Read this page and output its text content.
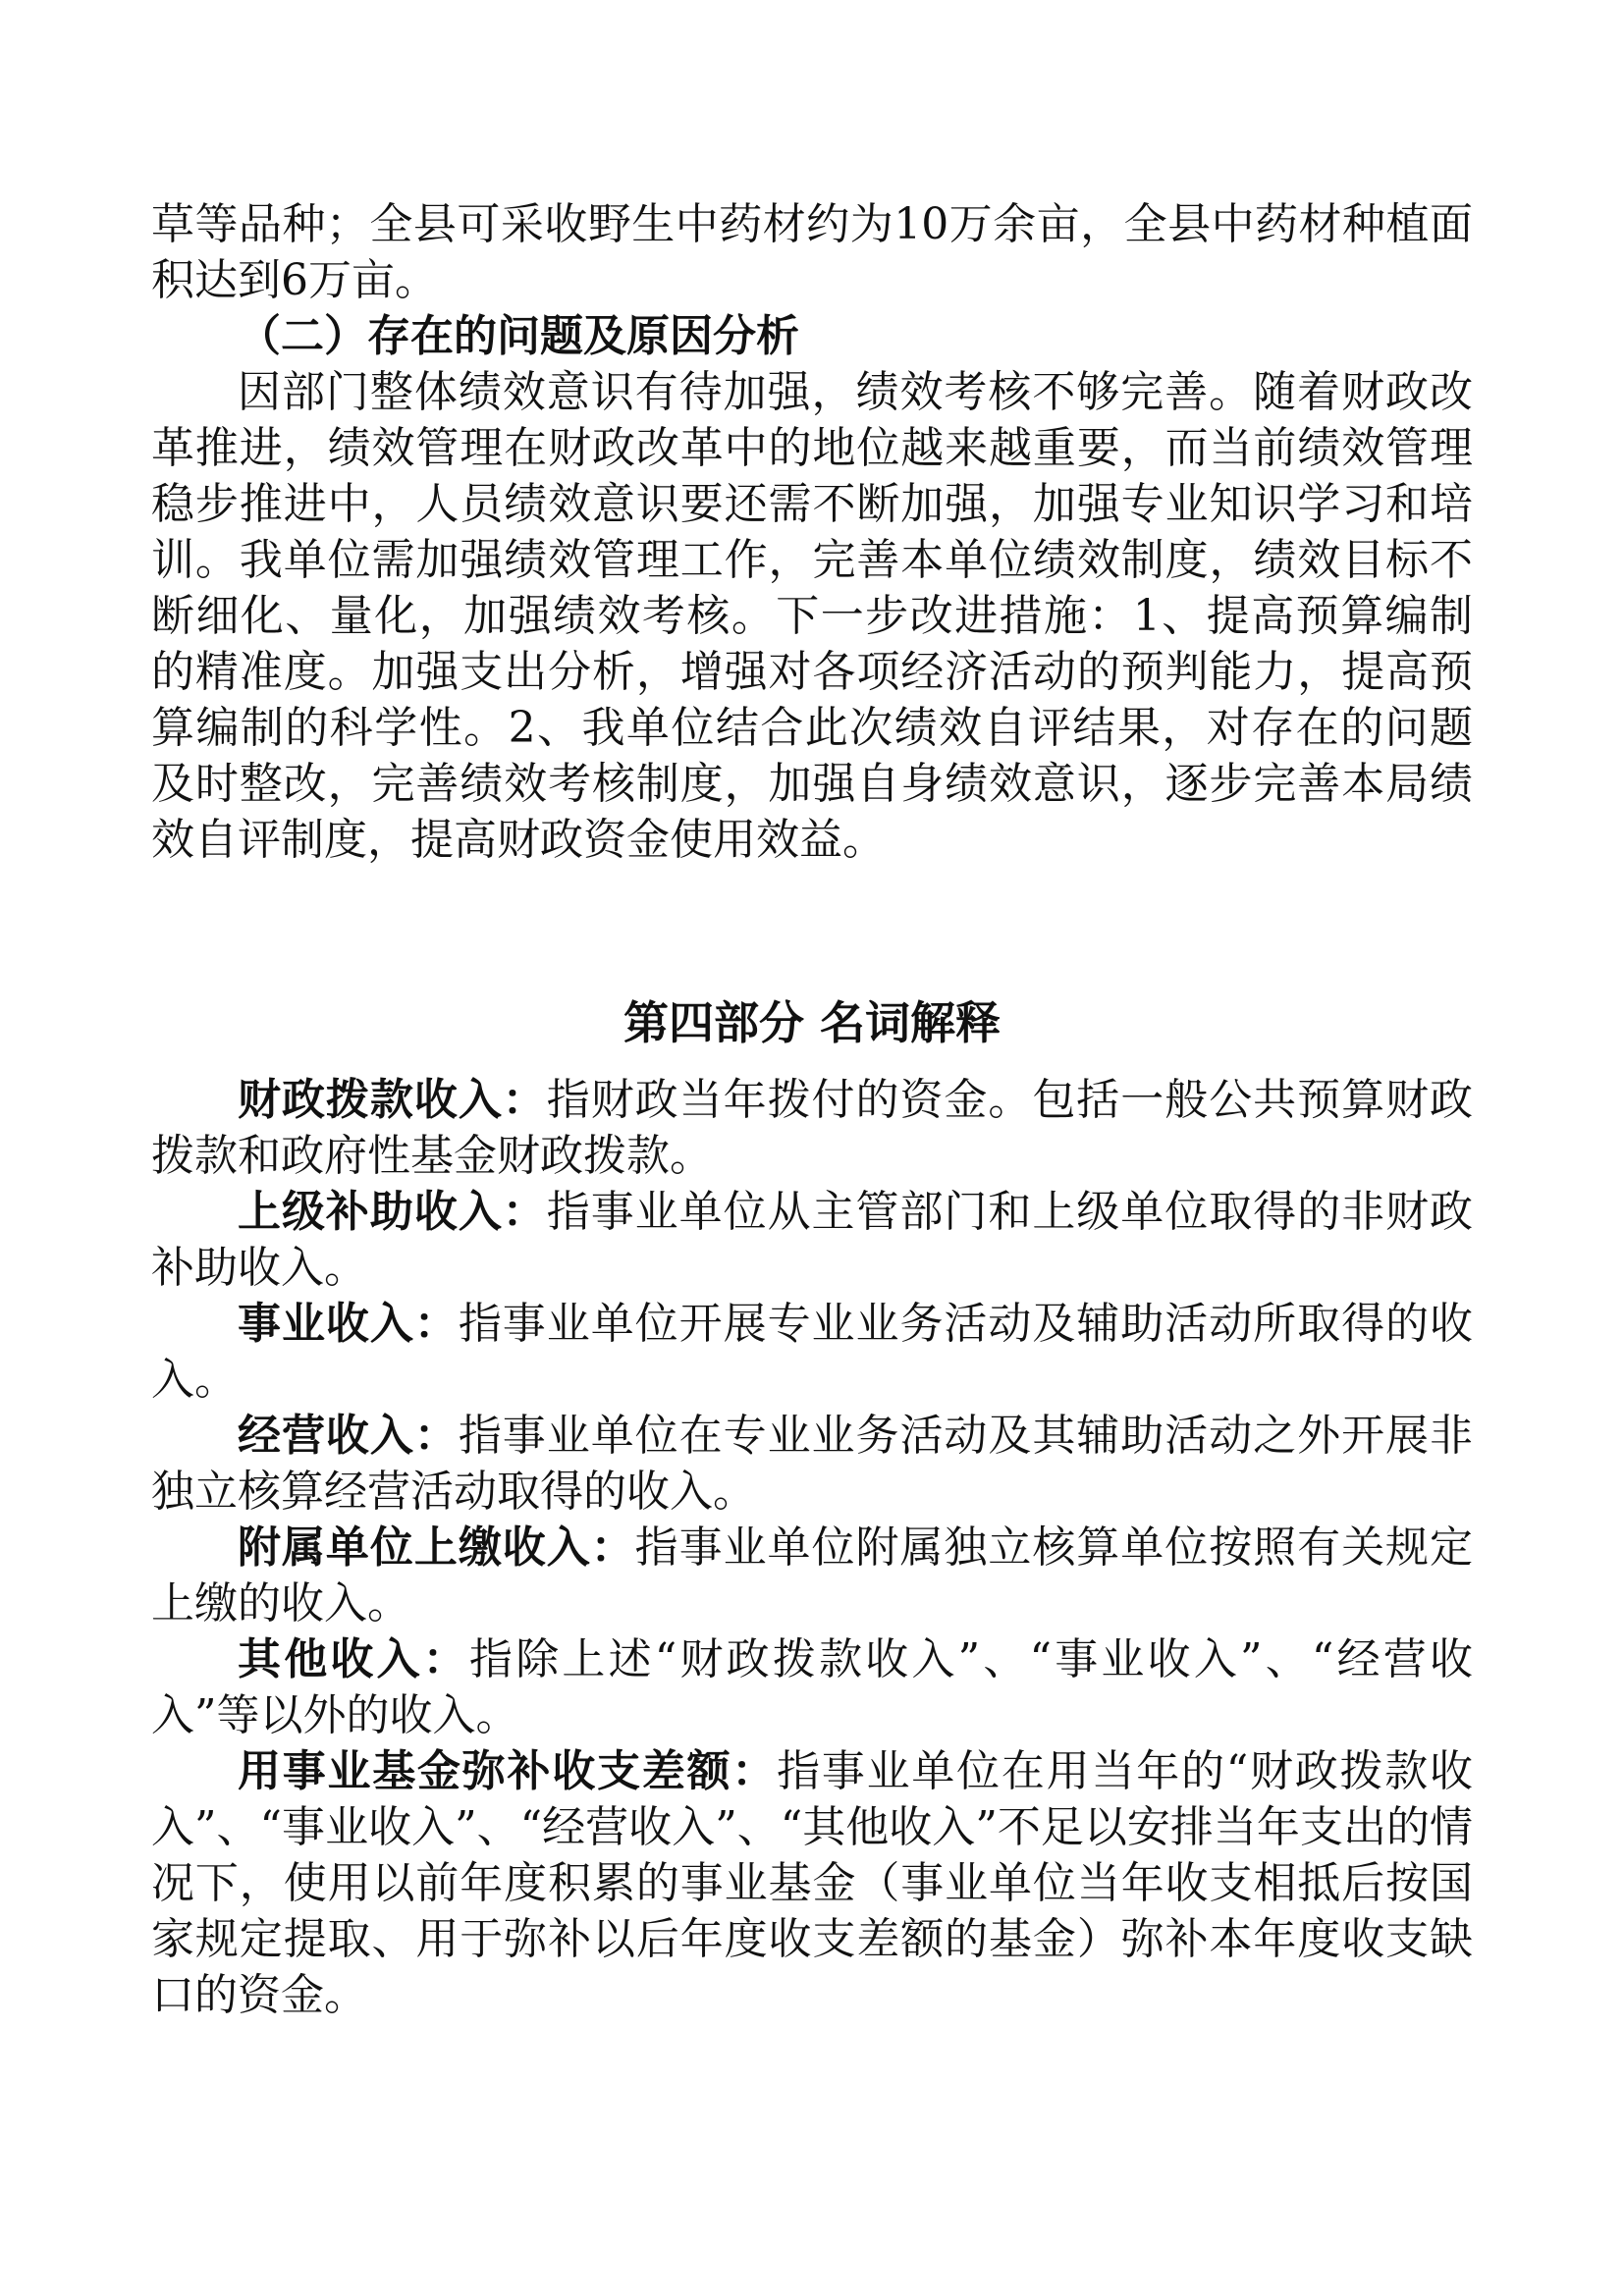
草等品种；全县可采收野生中药材约为10万余亩，全县中药材种植面积达到6万亩。

（二）存在的问题及原因分析

因部门整体绩效意识有待加强，绩效考核不够完善。随着财政改革推进，绩效管理在财政改革中的地位越来越重要，而当前绩效管理稳步推进中，人员绩效意识要还需不断加强，加强专业知识学习和培训。我单位需加强绩效管理工作，完善本单位绩效制度，绩效目标不断细化、量化，加强绩效考核。下一步改进措施：1、提高预算编制的精准度。加强支出分析，增强对各项经济活动的预判能力，提高预算编制的科学性。2、我单位结合此次绩效自评结果，对存在的问题及时整改，完善绩效考核制度，加强自身绩效意识，逐步完善本局绩效自评制度，提高财政资金使用效益。

第四部分 名词解释

财政拨款收入：指财政当年拨付的资金。包括一般公共预算财政拨款和政府性基金财政拨款。

上级补助收入：指事业单位从主管部门和上级单位取得的非财政补助收入。

事业收入：指事业单位开展专业业务活动及辅助活动所取得的收入。

经营收入：指事业单位在专业业务活动及其辅助活动之外开展非独立核算经营活动取得的收入。

附属单位上缴收入：指事业单位附属独立核算单位按照有关规定上缴的收入。

其他收入：指除上述“财政拨款收入”、“事业收入”、“经营收入”等以外的收入。

用事业基金弥补收支差额：指事业单位在用当年的“财政拨款收入”、“事业收入”、“经营收入”、“其他收入”不足以安排当年支出的情况下，使用以前年度积累的事业基金（事业单位当年收支相抵后按国家规定提取、用于弥补以后年度收支差额的基金）弥补本年度收支缺口的资金。
